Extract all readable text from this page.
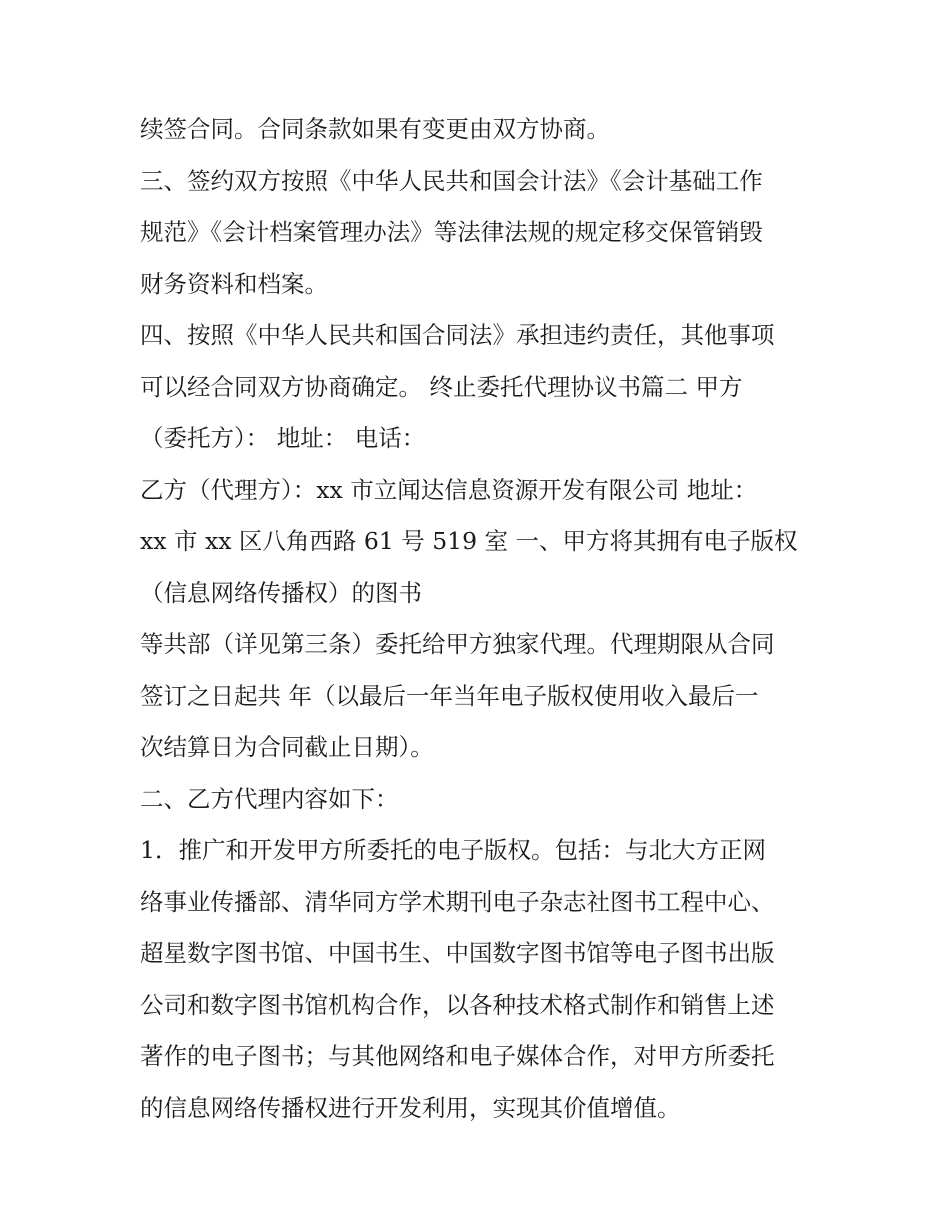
续签合同。合同条款如果有变更由双方协商。
三、签约双方按照《中华人民共和国会计法》《会计基础工作
规范》《会计档案管理办法》等法律法规的规定移交保管销毁
财务资料和档案。
四、按照《中华人民共和国合同法》承担违约责任，其他事项
可以经合同双方协商确定。 终止委托代理协议书篇二 甲方
（委托方）： 地址： 电话：
乙方（代理方）：xx 市立闻达信息资源开发有限公司 地址：
xx 市 xx 区八角西路 61 号 519 室 一、甲方将其拥有电子版权
（信息网络传播权）的图书
等共部（详见第三条）委托给甲方独家代理。代理期限从合同
签订之日起共 年（以最后一年当年电子版权使用收入最后一
次结算日为合同截止日期）。
二、乙方代理内容如下：
1．推广和开发甲方所委托的电子版权。包括：与北大方正网
络事业传播部、清华同方学术期刊电子杂志社图书工程中心、
超星数字图书馆、中国书生、中国数字图书馆等电子图书出版
公司和数字图书馆机构合作，以各种技术格式制作和销售上述
著作的电子图书；与其他网络和电子媒体合作，对甲方所委托
的信息网络传播权进行开发利用，实现其价值增值。
